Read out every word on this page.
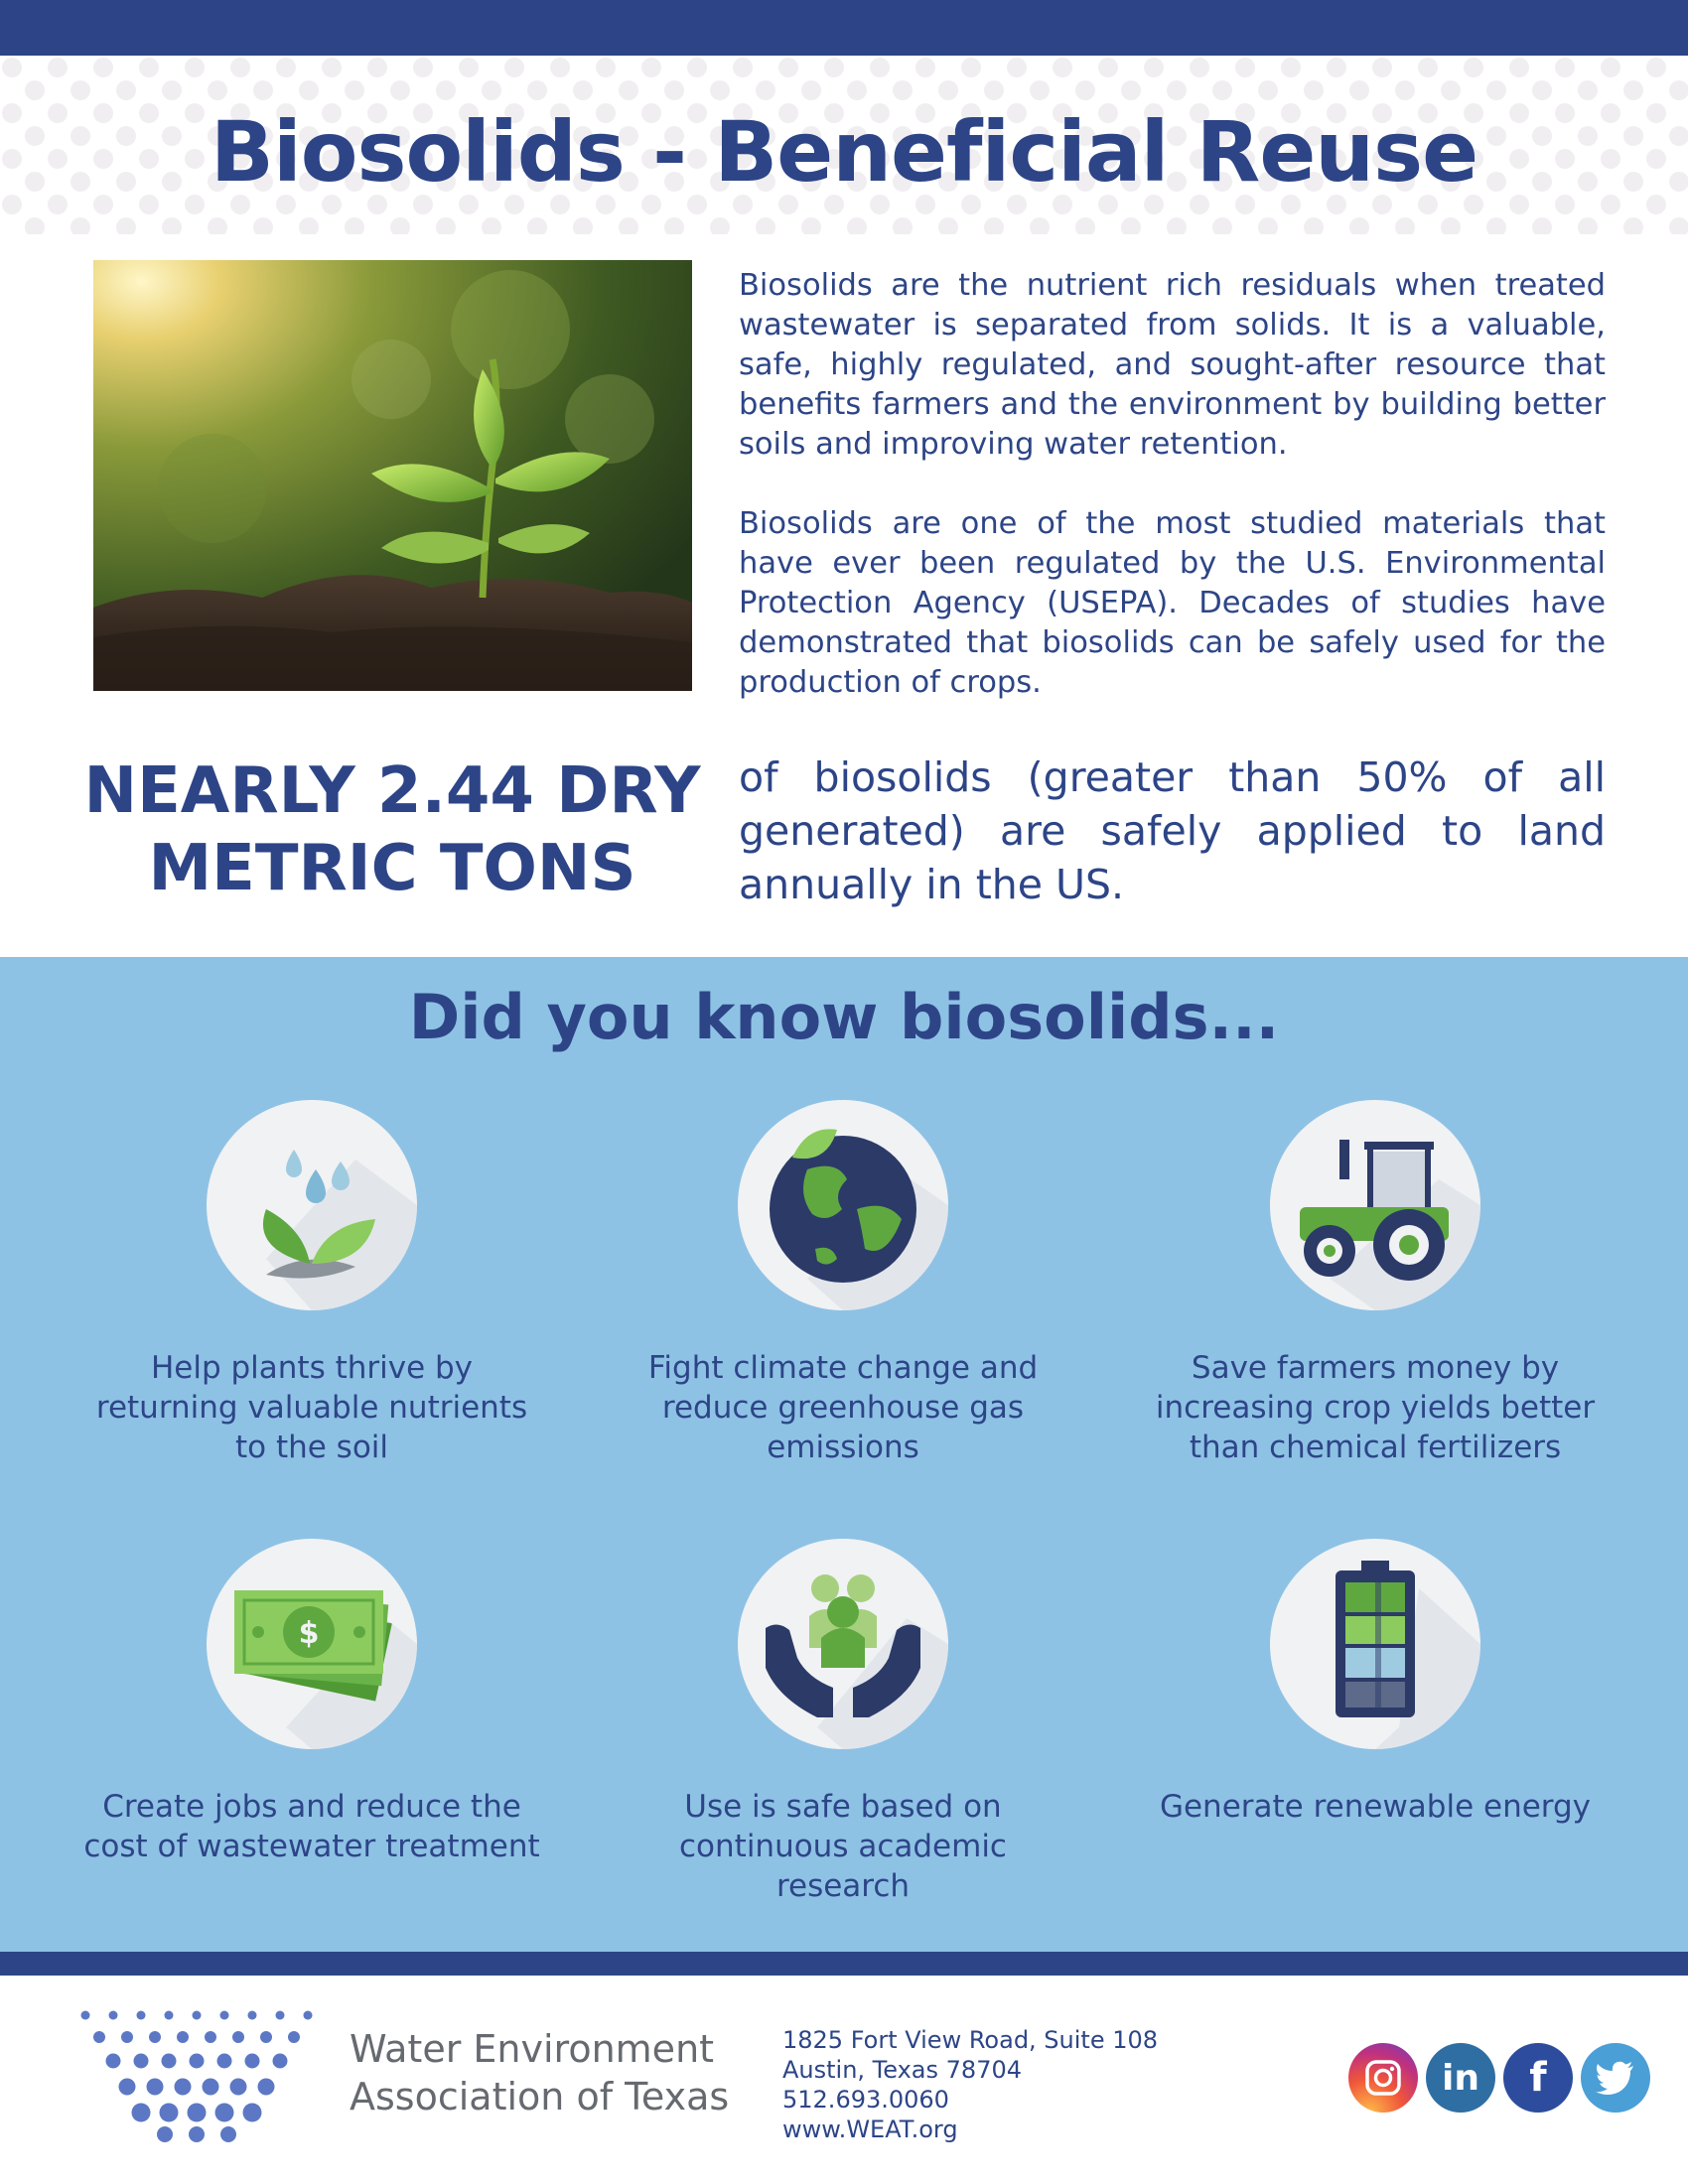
Biosolids - Beneficial Reuse

Biosolids are the nutrient rich residuals when treated wastewater is separated from solids. It is a valuable, safe, highly regulated, and sought-after resource that benefits farmers and the environment by building better soils and improving water retention.

Biosolids are one of the most studied materials that have ever been regulated by the U.S. Environmental Protection Agency (USEPA). Decades of studies have demonstrated that biosolids can be safely used for the production of crops.

NEARLY 2.44 DRY
METRIC TONS
of biosolids (greater than 50% of all generated) are safely applied to land annually in the US.
Did you know biosolids...
Help plants thrive by returning valuable nutrients to the soil
Fight climate change and reduce greenhouse gas emissions
Save farmers money by increasing crop yields better than chemical fertilizers
$
Create jobs and reduce the cost of wastewater treatment
Use is safe based on continuous academic research
Generate renewable energy
Water Environment
Association of Texas
1825 Fort View Road, Suite 108
Austin, Texas 78704
512.693.0060
www.WEAT.org
in f
